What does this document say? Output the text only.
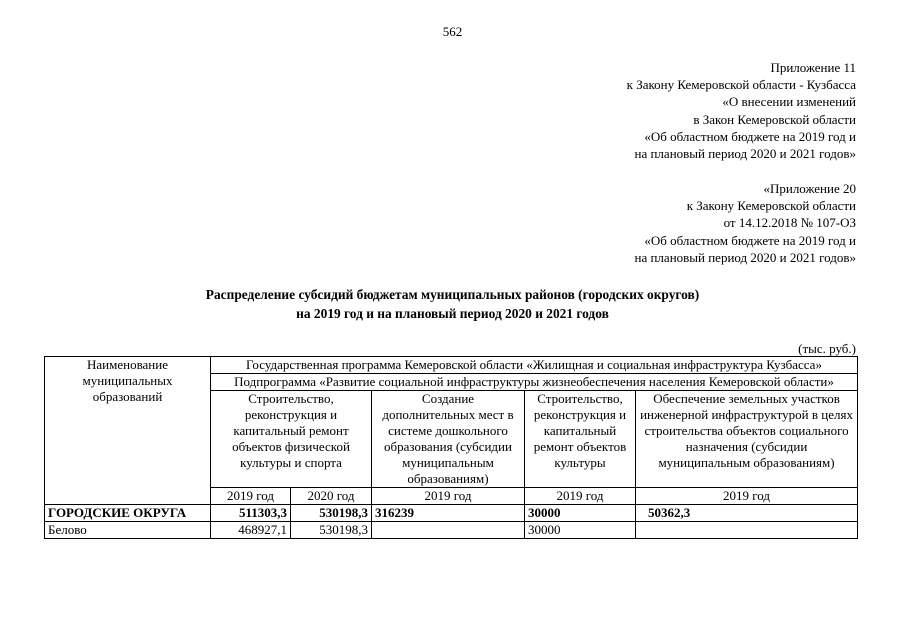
562
Приложение 11
к Закону Кемеровской области - Кузбасса
«О внесении изменений
в Закон Кемеровской области
«Об областном бюджете на 2019 год и
на плановый период 2020 и 2021 годов»
«Приложение 20
к Закону Кемеровской области
от 14.12.2018 № 107-ОЗ
«Об областном бюджете на 2019 год и
на плановый период 2020 и 2021 годов»
Распределение субсидий бюджетам муниципальных районов (городских округов)
на 2019 год и на плановый период 2020 и 2021 годов
(тыс. руб.)
Наименование муниципальных образований	Государственная программа Кемеровской области «Жилищная и социальная инфраструктура Кузбасса»				
	Подпрограмма «Развитие социальной инфраструктуры жизнеобеспечения населения Кемеровской области»				
	Строительство, реконструкция и капитальный ремонт объектов физической культуры и спорта		Создание дополнительных мест в системе дошкольного образования (субсидии муниципальным образованиям)	Строительство, реконструкция и капитальный ремонт объектов культуры	Обеспечение земельных участков инженерной инфраструктурой в целях строительства объектов социального назначения (субсидии муниципальным образованиям)
	2019 год	2020 год	2019 год	2019 год	2019 год
ГОРОДСКИЕ ОКРУГА	511303,3	530198,3	316239	30000	50362,3
Белово	468927,1	530198,3		30000	
